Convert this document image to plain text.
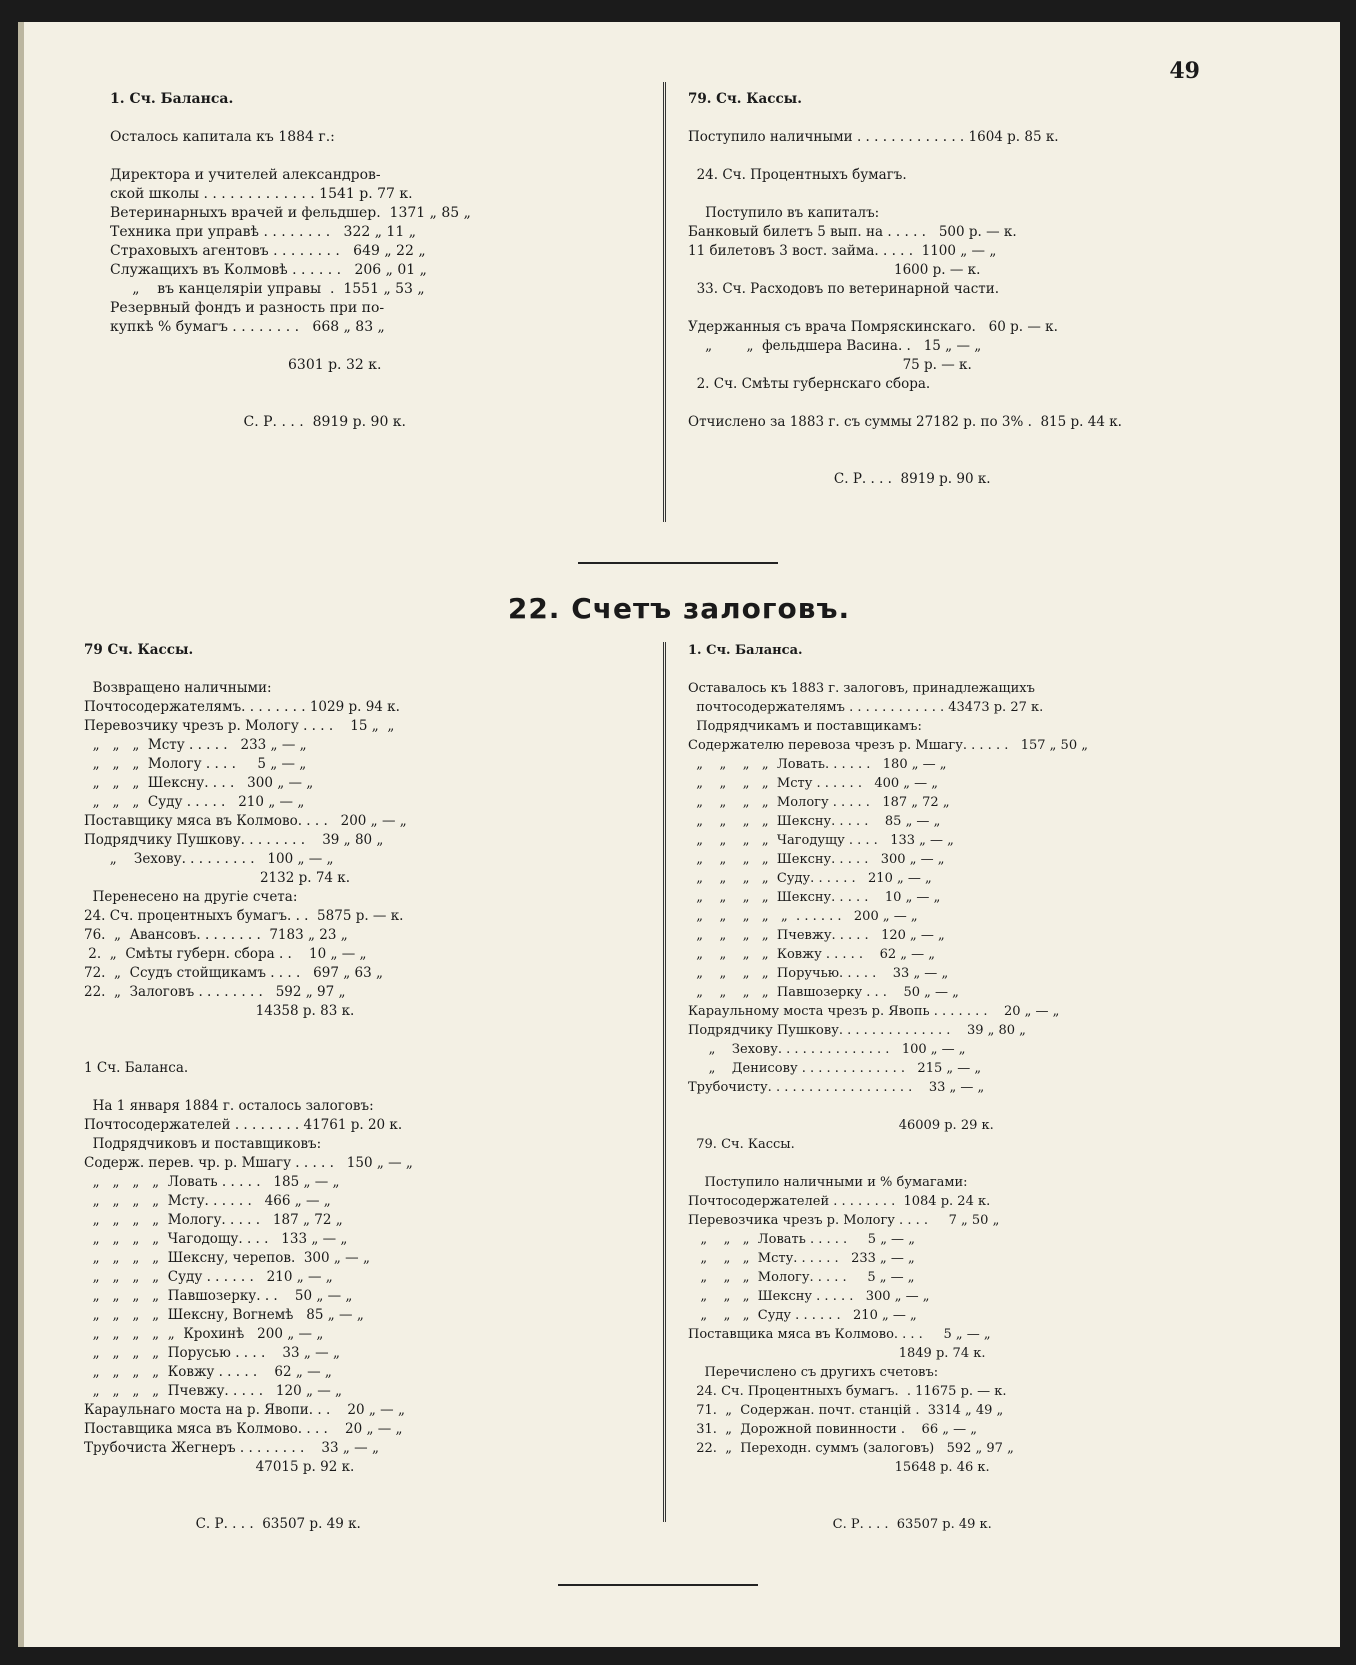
49
1. Сч. Баланса.
Осталось капитала къ 1884 г.:
Директора и учителей александров-
ской школы . . . . . . . . . . . . . 1541 р. 77 к.
Ветеринарныхъ врачей и фельдшер.  1371 „ 85 „
Техника при управѣ . . . . . . . .   322 „ 11 „
Страховыхъ агентовъ . . . . . . . .   649 „ 22 „
Служащихъ въ Колмовѣ . . . . . .   206 „ 01 „
„    въ канцеляріи управы  .  1551 „ 53 „
Резервный фондъ и разность при по-
купкѣ % бумагъ . . . . . . . .   668 „ 83 „
6301 р. 32 к.
С. Р. . . .  8919 р. 90 к.
79. Сч. Кассы.
Поступило наличными . . . . . . . . . . . . . 1604 р. 85 к.
24. Сч. Процентныхъ бумагъ.
Поступило въ капиталъ:
Банковый билетъ 5 вып. на . . . . .   500 р. — к.
11 билетовъ 3 вост. займа. . . . .  1100 „ — „
1600 р. — к.
33. Сч. Расходовъ по ветеринарной части.
Удержанныя съ врача Помряскинскаго.   60 р. — к.
„        „  фельдшера Васина. .   15 „ — „
75 р. — к.
2. Сч. Смѣты губернскаго сбора.
Отчислено за 1883 г. съ суммы 27182 р. по 3% .  815 р. 44 к.
С. Р. . . .  8919 р. 90 к.
22. Счетъ залоговъ.
79 Сч. Кассы.
Возвращено наличными:
Почтосодержателямъ. . . . . . . . 1029 р. 94 к.
Перевозчику чрезъ р. Мологу . . . .    15 „  „
„   „   „  Мсту . . . . .   233 „ — „
„   „   „  Мологу . . . .     5 „ — „
„   „   „  Шексну. . . .   300 „ — „
„   „   „  Суду . . . . .   210 „ — „
Поставщику мяса въ Колмово. . . .   200 „ — „
Подрядчику Пушкову. . . . . . . .    39 „ 80 „
„    Зехову. . . . . . . . .   100 „ — „
2132 р. 74 к.
Перенесено на другіе счета:
24. Сч. процентныхъ бумагъ. . .  5875 р. — к.
76.  „  Авансовъ. . . . . . . .  7183 „ 23 „
2.  „  Смѣты губерн. сбора . .    10 „ — „
72.  „  Ссудъ стойщикамъ . . . .   697 „ 63 „
22.  „  Залоговъ . . . . . . . .   592 „ 97 „
14358 р. 83 к.
1 Сч. Баланса.
На 1 января 1884 г. осталось залоговъ:
Почтосодержателей . . . . . . . . 41761 р. 20 к.
Подрядчиковъ и поставщиковъ:
Содерж. перев. чр. р. Мшагу . . . . .   150 „ — „
„   „   „   „  Ловать . . . . .   185 „ — „
„   „   „   „  Мсту. . . . . .   466 „ — „
„   „   „   „  Мологу. . . . .   187 „ 72 „
„   „   „   „  Чагодощу. . . .   133 „ — „
„   „   „   „  Шексну, черепов.  300 „ — „
„   „   „   „  Суду . . . . . .   210 „ — „
„   „   „   „  Павшозерку. . .    50 „ — „
„   „   „   „  Шексну, Вогнемѣ   85 „ — „
„   „   „   „  „  Крохинѣ   200 „ — „
„   „   „   „  Порусью . . . .    33 „ — „
„   „   „   „  Ковжу . . . . .    62 „ — „
„   „   „   „  Пчевжу. . . . .   120 „ — „
Караульнаго моста на р. Явопи. . .    20 „ — „
Поставщика мяса въ Колмово. . . .    20 „ — „
Трубочиста Жегнеръ . . . . . . . .    33 „ — „
47015 р. 92 к.
С. Р. . . .  63507 р. 49 к.
1. Сч. Баланса.
Оставалось къ 1883 г. залоговъ, принадлежащихъ
почтосодержателямъ . . . . . . . . . . . . 43473 р. 27 к.
Подрядчикамъ и поставщикамъ:
Содержателю перевоза чрезъ р. Мшагу. . . . . .   157 „ 50 „
„    „    „   „  Ловать. . . . . .   180 „ — „
„    „    „   „  Мсту . . . . . .   400 „ — „
„    „    „   „  Мологу . . . . .   187 „ 72 „
„    „    „   „  Шексну. . . . .    85 „ — „
„    „    „   „  Чагодущу . . . .   133 „ — „
„    „    „   „  Шексну. . . . .   300 „ — „
„    „    „   „  Суду. . . . . .   210 „ — „
„    „    „   „  Шексну. . . . .    10 „ — „
„    „    „   „   „  . . . . . .   200 „ — „
„    „    „   „  Пчевжу. . . . .   120 „ — „
„    „    „   „  Ковжу . . . . .    62 „ — „
„    „    „   „  Поручью. . . . .    33 „ — „
„    „    „   „  Павшозерку . . .    50 „ — „
Караульному моста чрезъ р. Явопь . . . . . . .    20 „ — „
Подрядчику Пушкову. . . . . . . . . . . . . .    39 „ 80 „
„    Зехову. . . . . . . . . . . . . .   100 „ — „
„    Денисову . . . . . . . . . . . . .   215 „ — „
Трубочисту. . . . . . . . . . . . . . . . . .    33 „ — „
46009 р. 29 к.
79. Сч. Кассы.
Поступило наличными и % бумагами:
Почтосодержателей . . . . . . . .  1084 р. 24 к.
Перевозчика чрезъ р. Мологу . . . .     7 „ 50 „
„    „   „  Ловать . . . . .     5 „ — „
„    „   „  Мсту. . . . . .   233 „ — „
„    „   „  Мологу. . . . .     5 „ — „
„    „   „  Шексну . . . . .   300 „ — „
„    „   „  Суду . . . . . .   210 „ — „
Поставщика мяса въ Колмово. . . .     5 „ — „
1849 р. 74 к.
Перечислено съ другихъ счетовъ:
24. Сч. Процентныхъ бумагъ.  . 11675 р. — к.
71.  „  Содержан. почт. станцій .  3314 „ 49 „
31.  „  Дорожной повинности .    66 „ — „
22.  „  Переходн. суммъ (залоговъ)   592 „ 97 „
15648 р. 46 к.
С. Р. . . .  63507 р. 49 к.
